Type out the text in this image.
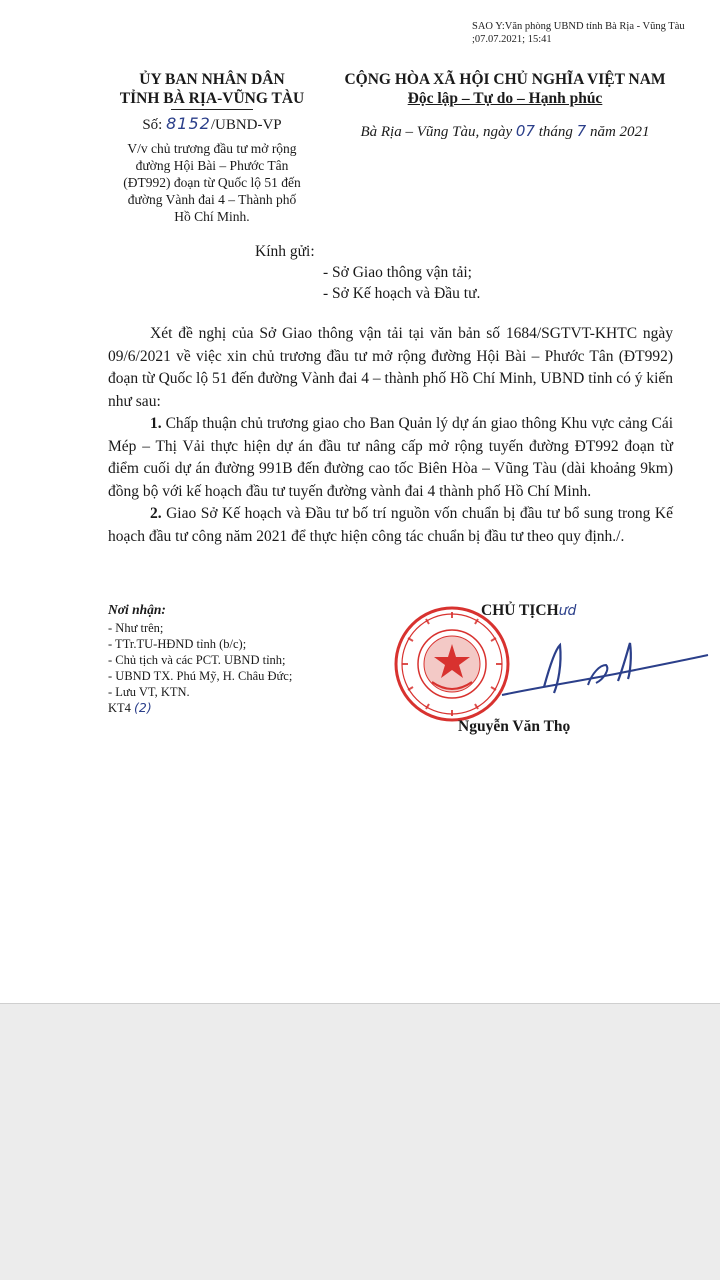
SAO Y:Văn phòng UBND tỉnh Bà Rịa - Vũng Tàu
;07.07.2021; 15:41
ỦY BAN NHÂN DÂN
TỈNH BÀ RỊA-VŨNG TÀU
Số: 8152/UBND-VP
V/v chủ trương đầu tư mở rộng
đường Hội Bài – Phước Tân
(ĐT992) đoạn từ Quốc lộ 51 đến
đường Vành đai 4 – Thành phố
Hồ Chí Minh.
CỘNG HÒA XÃ HỘI CHỦ NGHĨA VIỆT NAM
Độc lập – Tự do – Hạnh phúc
Bà Rịa – Vũng Tàu, ngày 07 tháng 7 năm 2021
Kính gửi:
- Sở Giao thông vận tải;
- Sở Kế hoạch và Đầu tư.

Xét đề nghị của Sở Giao thông vận tải tại văn bản số 1684/SGTVT-KHTC ngày 09/6/2021 về việc xin chủ trương đầu tư mở rộng đường Hội Bài – Phước Tân (ĐT992) đoạn từ Quốc lộ 51 đến đường Vành đai 4 – thành phố Hồ Chí Minh, UBND tỉnh có ý kiến như sau:

1. Chấp thuận chủ trương giao cho Ban Quản lý dự án giao thông Khu vực cảng Cái Mép – Thị Vải thực hiện dự án đầu tư nâng cấp mở rộng tuyến đường ĐT992 đoạn từ điểm cuối dự án đường 991B đến đường cao tốc Biên Hòa – Vũng Tàu (dài khoảng 9km) đồng bộ với kế hoạch đầu tư tuyến đường vành đai 4 thành phố Hồ Chí Minh.

2. Giao Sở Kế hoạch và Đầu tư bố trí nguồn vốn chuẩn bị đầu tư bổ sung trong Kế hoạch đầu tư công năm 2021 để thực hiện công tác chuẩn bị đầu tư theo quy định./.

Nơi nhận:
- Như trên;
- TTr.TU-HĐND tỉnh (b/c);
- Chủ tịch và các PCT. UBND tỉnh;
- UBND TX. Phú Mỹ, H. Châu Đức;
- Lưu VT, KTN.
KT4 (2)
CHỦ TỊCHưd
Nguyễn Văn Thọ
